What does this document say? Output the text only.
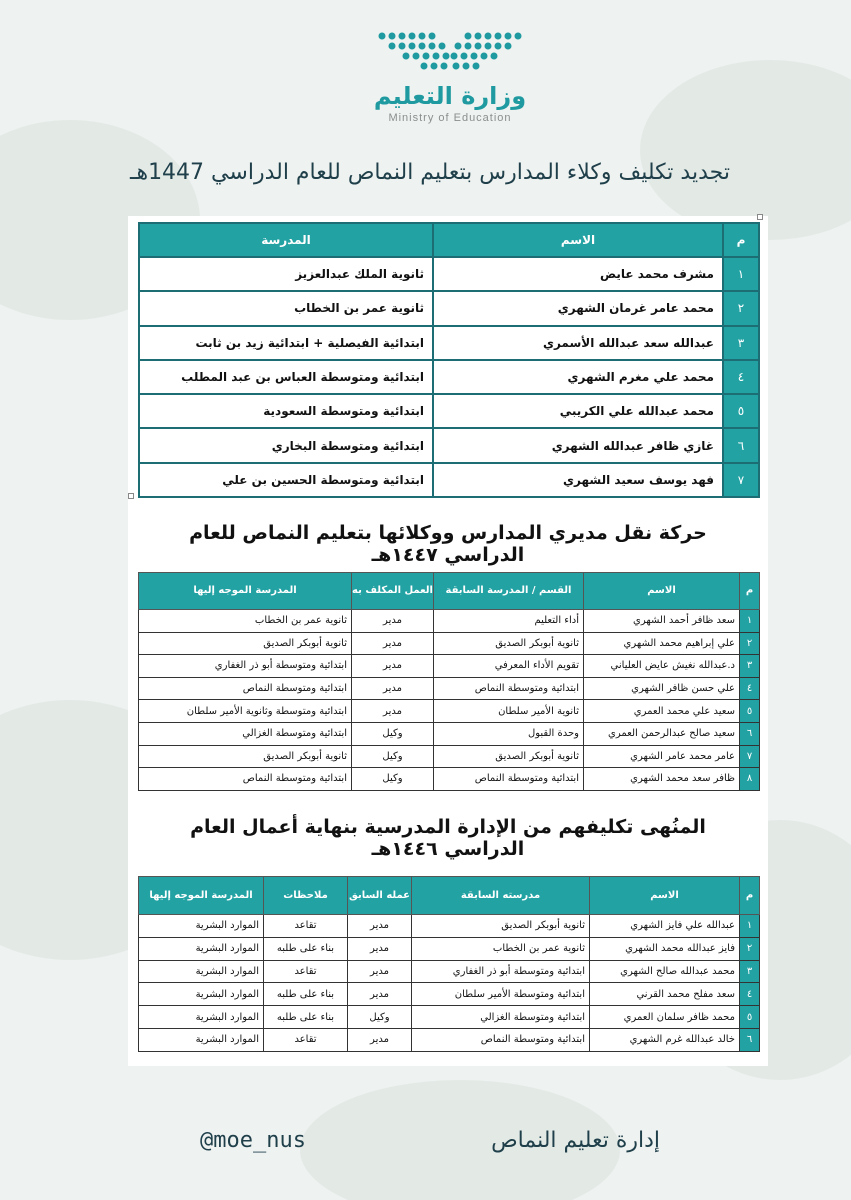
وزارة التعليم
Ministry of Education
تجديد تكليف وكلاء المدارس بتعليم النماص للعام الدراسي 1447هـ
م	الاسم	المدرسة
١	مشرف محمد عايض	ثانوية الملك عبدالعزيز
٢	محمد عامر غرمان الشهري	ثانوية عمر بن الخطاب
٣	عبدالله سعد عبدالله الأسمري	ابتدائية الفيصلية + ابتدائية زيد بن ثابت
٤	محمد علي مغرم الشهري	ابتدائية ومتوسطة العباس بن عبد المطلب
٥	محمد عبدالله علي الكريبي	ابتدائية ومتوسطة السعودية
٦	غازي ظافر عبدالله الشهري	ابتدائية ومتوسطة البخاري
٧	فهد يوسف سعيد الشهري	ابتدائية ومتوسطة الحسين بن علي
حركة نقل مديري المدارس ووكلائها بتعليم النماص للعام الدراسي ١٤٤٧هـ
م	الاسم	القسم / المدرسة السابقة	العمل المكلف به	المدرسة الموجه إليها
١	سعد ظافر أحمد الشهري	أداء التعليم	مدير	ثانوية عمر بن الخطاب
٢	علي إبراهيم محمد الشهري	ثانوية أبوبكر الصديق	مدير	ثانوية أبوبكر الصديق
٣	د.عبدالله نغيش عايض العلياني	تقويم الأداء المعرفي	مدير	ابتدائية ومتوسطة أبو ذر الغفاري
٤	علي حسن ظافر الشهري	ابتدائية ومتوسطة النماص	مدير	ابتدائية ومتوسطة النماص
٥	سعيد علي محمد العمري	ثانوية الأمير سلطان	مدير	ابتدائية ومتوسطة وثانوية الأمير سلطان
٦	سعيد صالح عبدالرحمن العمري	وحدة القبول	وكيل	ابتدائية ومتوسطة الغزالي
٧	عامر محمد عامر الشهري	ثانوية أبوبكر الصديق	وكيل	ثانوية أبوبكر الصديق
٨	ظافر سعد محمد الشهري	ابتدائية ومتوسطة النماص	وكيل	ابتدائية ومتوسطة النماص
المنُهى تكليفهم من الإدارة المدرسية بنهاية أعمال العام الدراسي ١٤٤٦هـ
م	الاسم	مدرسته السابقة	عمله السابق	ملاحظات	المدرسة الموجه إليها
١	عبدالله علي فايز الشهري	ثانوية أبوبكر الصديق	مدير	تقاعد	الموارد البشرية
٢	فايز عبدالله محمد الشهري	ثانوية عمر بن الخطاب	مدير	بناء على طلبه	الموارد البشرية
٣	محمد عبدالله صالح الشهري	ابتدائية ومتوسطة أبو ذر الغفاري	مدير	تقاعد	الموارد البشرية
٤	سعد مفلح محمد القرني	ابتدائية ومتوسطة الأمير سلطان	مدير	بناء على طلبه	الموارد البشرية
٥	محمد ظافر سلمان العمري	ابتدائية ومتوسطة الغزالي	وكيل	بناء على طلبه	الموارد البشرية
٦	خالد عبدالله غرم الشهري	ابتدائية ومتوسطة النماص	مدير	تقاعد	الموارد البشرية
@moe_nus	إدارة تعليم النماص
